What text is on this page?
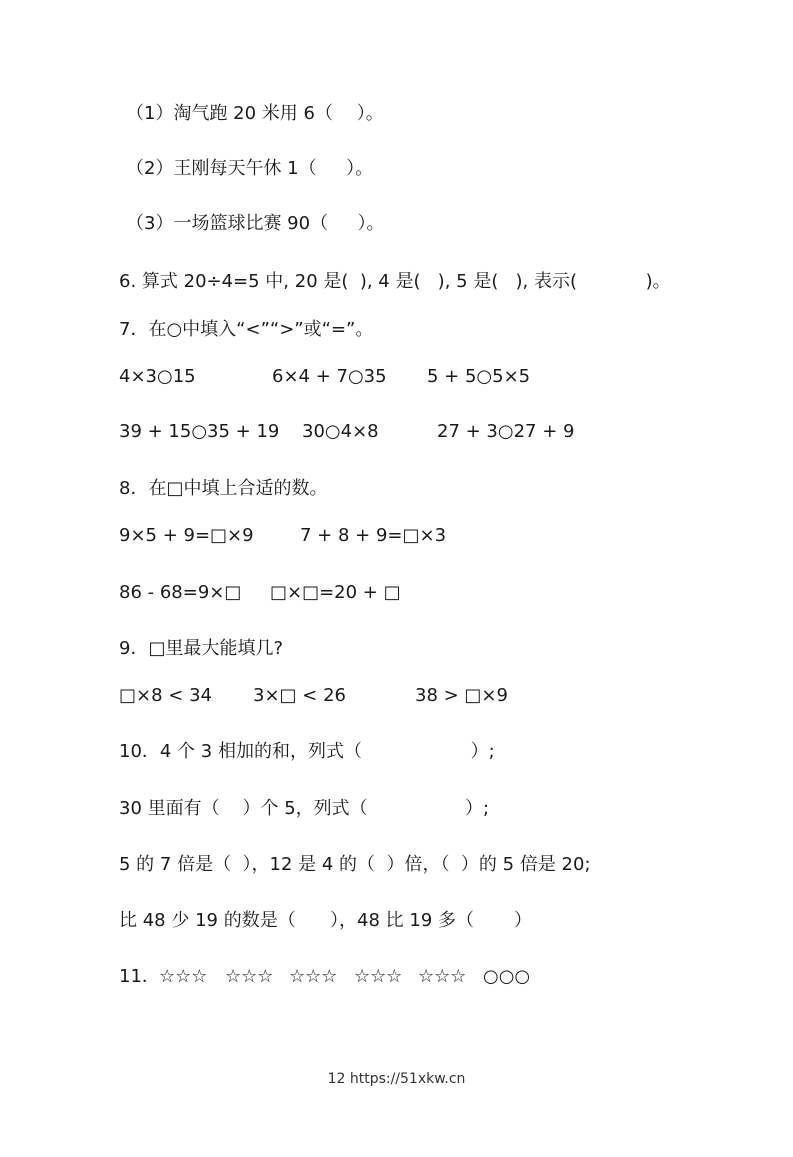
（1）淘气跑 20 米用 6（　 ）。
（2）王刚每天午休 1（　  ）。
（3）一场篮球比赛 90（　  ）。
6. 算式 20÷4=5 中, 20 是(  ), 4 是(   ), 5 是(   ), 表示(            )。
7．在○中填入“<”“>”或“=”。

4×3○15

	6×4 + 7○35

5 + 5○5×5

39 + 15○35 + 19

30○4×8

	27 + 3○27 + 9

8．在□中填上合适的数。

9×5 + 9=□×9

	7 + 8 + 9=□×3

86 - 68=9×□

□×□=20 + □

9．□里最大能填几?

□×8 < 34

3×□ < 26

	38 > □×9

10．4 个 3 相加的和，列式（                   ）;
30 里面有（    ）个 5，列式（                 ）;
5 的 7 倍是（  ），12 是 4 的（  ）倍，（  ）的 5 倍是 20;
比 48 少 19 的数是（      ），48 比 19 多（       ）

11．

☆☆☆

☆☆☆

☆☆☆

☆☆☆

☆☆☆

○○○

12 https://51xkw.cn
